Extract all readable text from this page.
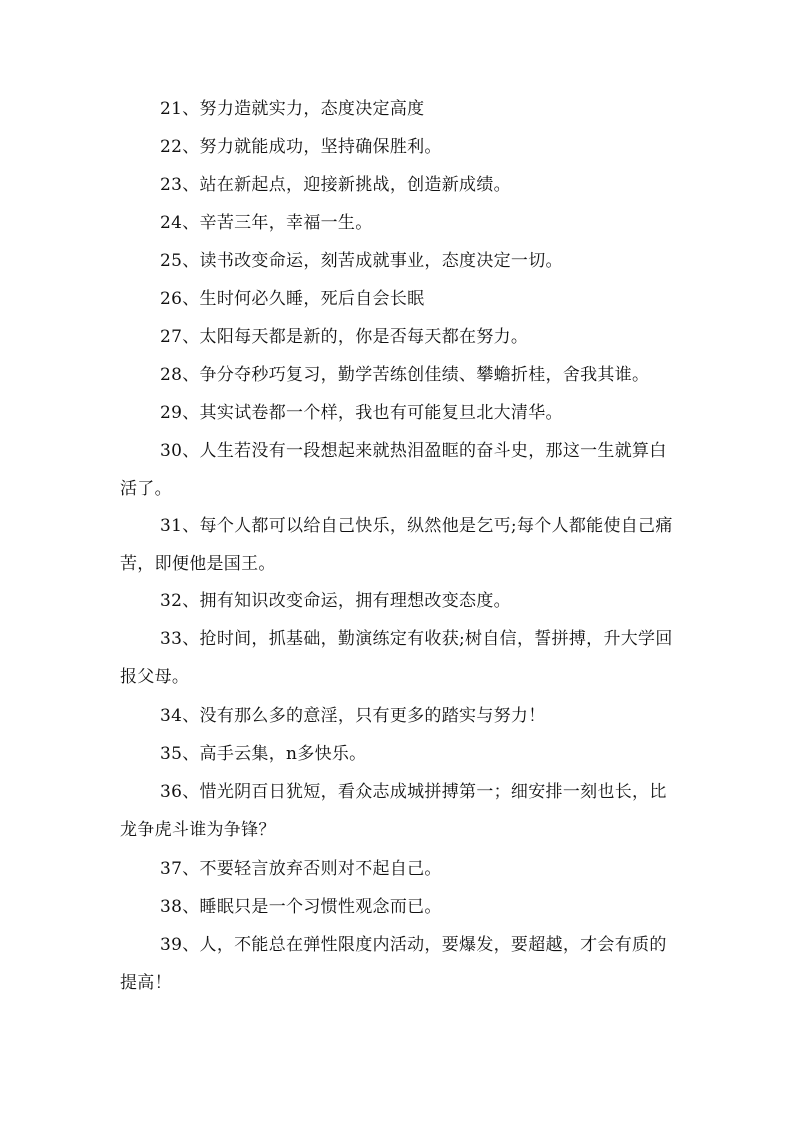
21、努力造就实力，态度决定高度

22、努力就能成功，坚持确保胜利。

23、站在新起点，迎接新挑战，创造新成绩。

24、辛苦三年，幸福一生。

25、读书改变命运，刻苦成就事业，态度决定一切。

26、生时何必久睡，死后自会长眠

27、太阳每天都是新的，你是否每天都在努力。

28、争分夺秒巧复习，勤学苦练创佳绩、攀蟾折桂，舍我其谁。

29、其实试卷都一个样，我也有可能复旦北大清华。

30、人生若没有一段想起来就热泪盈眶的奋斗史，那这一生就算白活了。

31、每个人都可以给自己快乐，纵然他是乞丐;每个人都能使自己痛苦，即便他是国王。

32、拥有知识改变命运，拥有理想改变态度。

33、抢时间，抓基础，勤演练定有收获;树自信，誓拼搏，升大学回报父母。

34、没有那么多的意淫，只有更多的踏实与努力！

35、高手云集，n多快乐。

36、惜光阴百日犹短，看众志成城拼搏第一；细安排一刻也长，比龙争虎斗谁为争锋？

37、不要轻言放弃否则对不起自己。

38、睡眠只是一个习惯性观念而已。

39、人，不能总在弹性限度内活动，要爆发，要超越，才会有质的提高！
